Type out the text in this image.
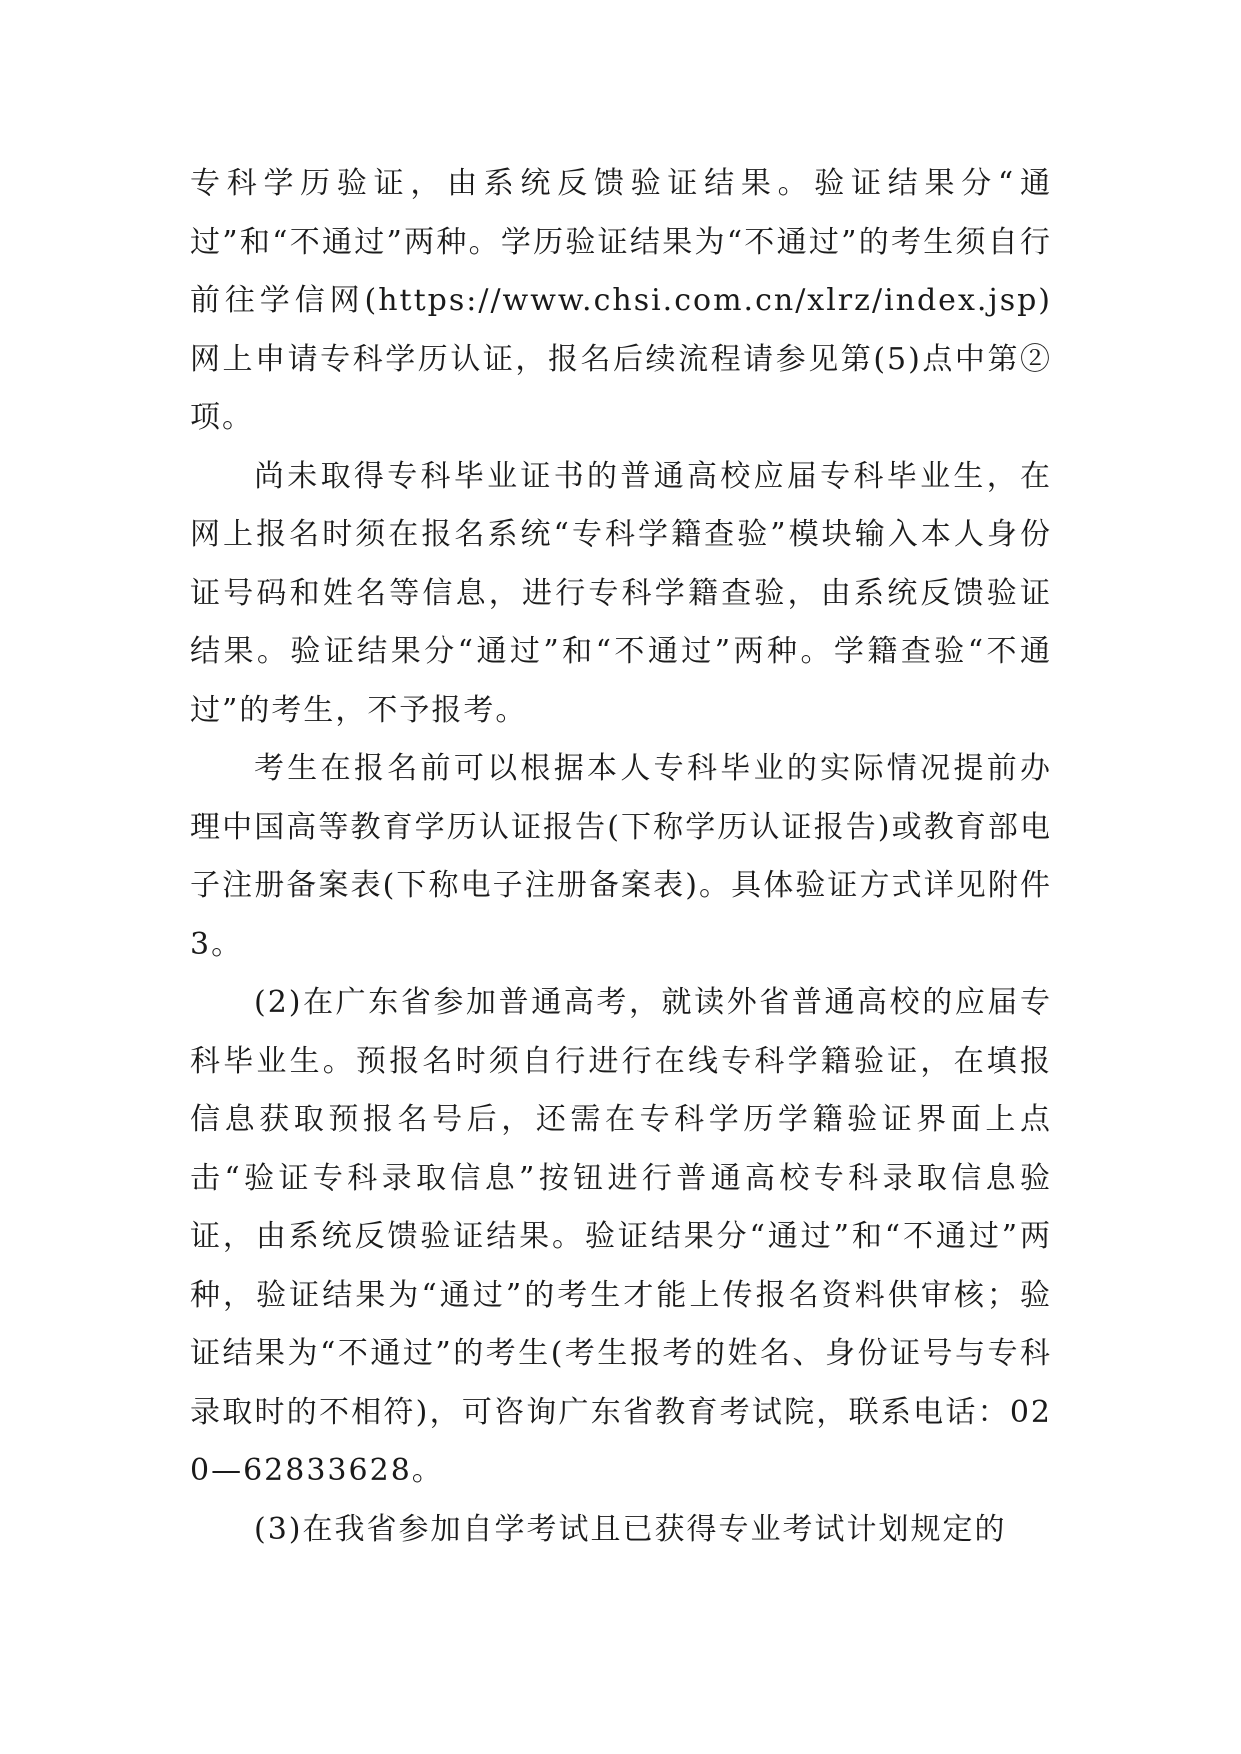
专科学历验证，由系统反馈验证结果。验证结果分“通过”和“不通过”两种。学历验证结果为“不通过”的考生须自行前往学信网(https://www.chsi.com.cn/xlrz/index.jsp)网上申请专科学历认证，报名后续流程请参见第(5)点中第②项。

尚未取得专科毕业证书的普通高校应届专科毕业生，在网上报名时须在报名系统“专科学籍查验”模块输入本人身份证号码和姓名等信息，进行专科学籍查验，由系统反馈验证结果。验证结果分“通过”和“不通过”两种。学籍查验“不通过”的考生，不予报考。

考生在报名前可以根据本人专科毕业的实际情况提前办理中国高等教育学历认证报告(下称学历认证报告)或教育部电子注册备案表(下称电子注册备案表)。具体验证方式详见附件 3。

(2)在广东省参加普通高考，就读外省普通高校的应届专科毕业生。预报名时须自行进行在线专科学籍验证，在填报信息获取预报名号后，还需在专科学历学籍验证界面上点击“验证专科录取信息”按钮进行普通高校专科录取信息验证，由系统反馈验证结果。验证结果分“通过”和“不通过”两种，验证结果为“通过”的考生才能上传报名资料供审核；验证结果为“不通过”的考生(考生报考的姓名、身份证号与专科录取时的不相符)，可咨询广东省教育考试院，联系电话：020—62833628。

(3)在我省参加自学考试且已获得专业考试计划规定的
